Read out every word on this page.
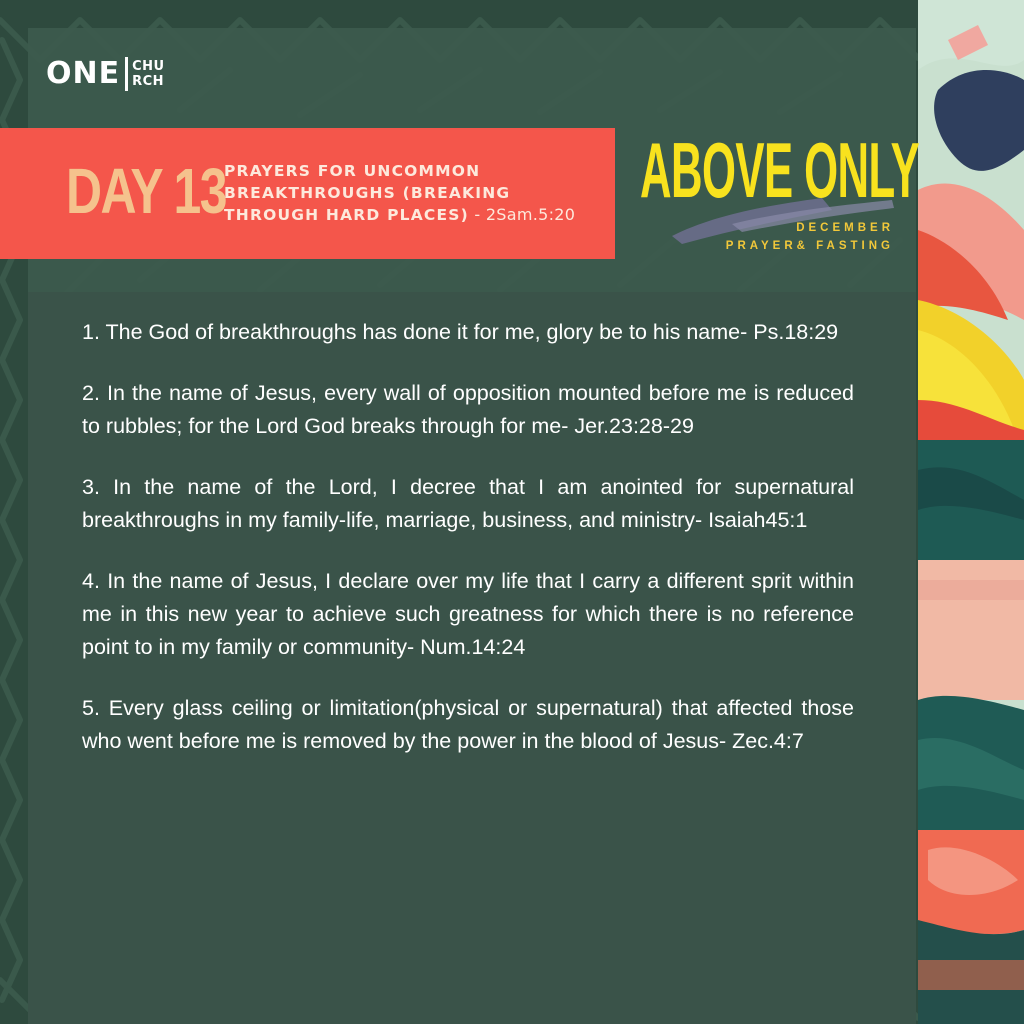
ONE CHU
RCH
DAY 13
PRAYERS FOR UNCOMMON BREAKTHROUGHS (BREAKING THROUGH HARD PLACES) - 2Sam.5:20
ABOVE ONLY
DECEMBER
PRAYER& FASTING

1. The God of breakthroughs has done it for me, glory be to his name- Ps.18:29

2. In the name of Jesus, every wall of opposition mounted before me is reduced to rubbles; for the Lord God breaks through for me- Jer.23:28-29

3. In the name of the Lord, I decree that I am anointed for supernatural breakthroughs in my family-life, marriage, business, and ministry- Isaiah45:1

4. In the name of Jesus, I declare over my life that I carry a different sprit within me in this new year to achieve such greatness for which there is no reference point to in my family or community- Num.14:24

5. Every glass ceiling or limitation(physical or supernatural) that affected those who went before me is removed by the power in the blood of Jesus- Zec.4:7
